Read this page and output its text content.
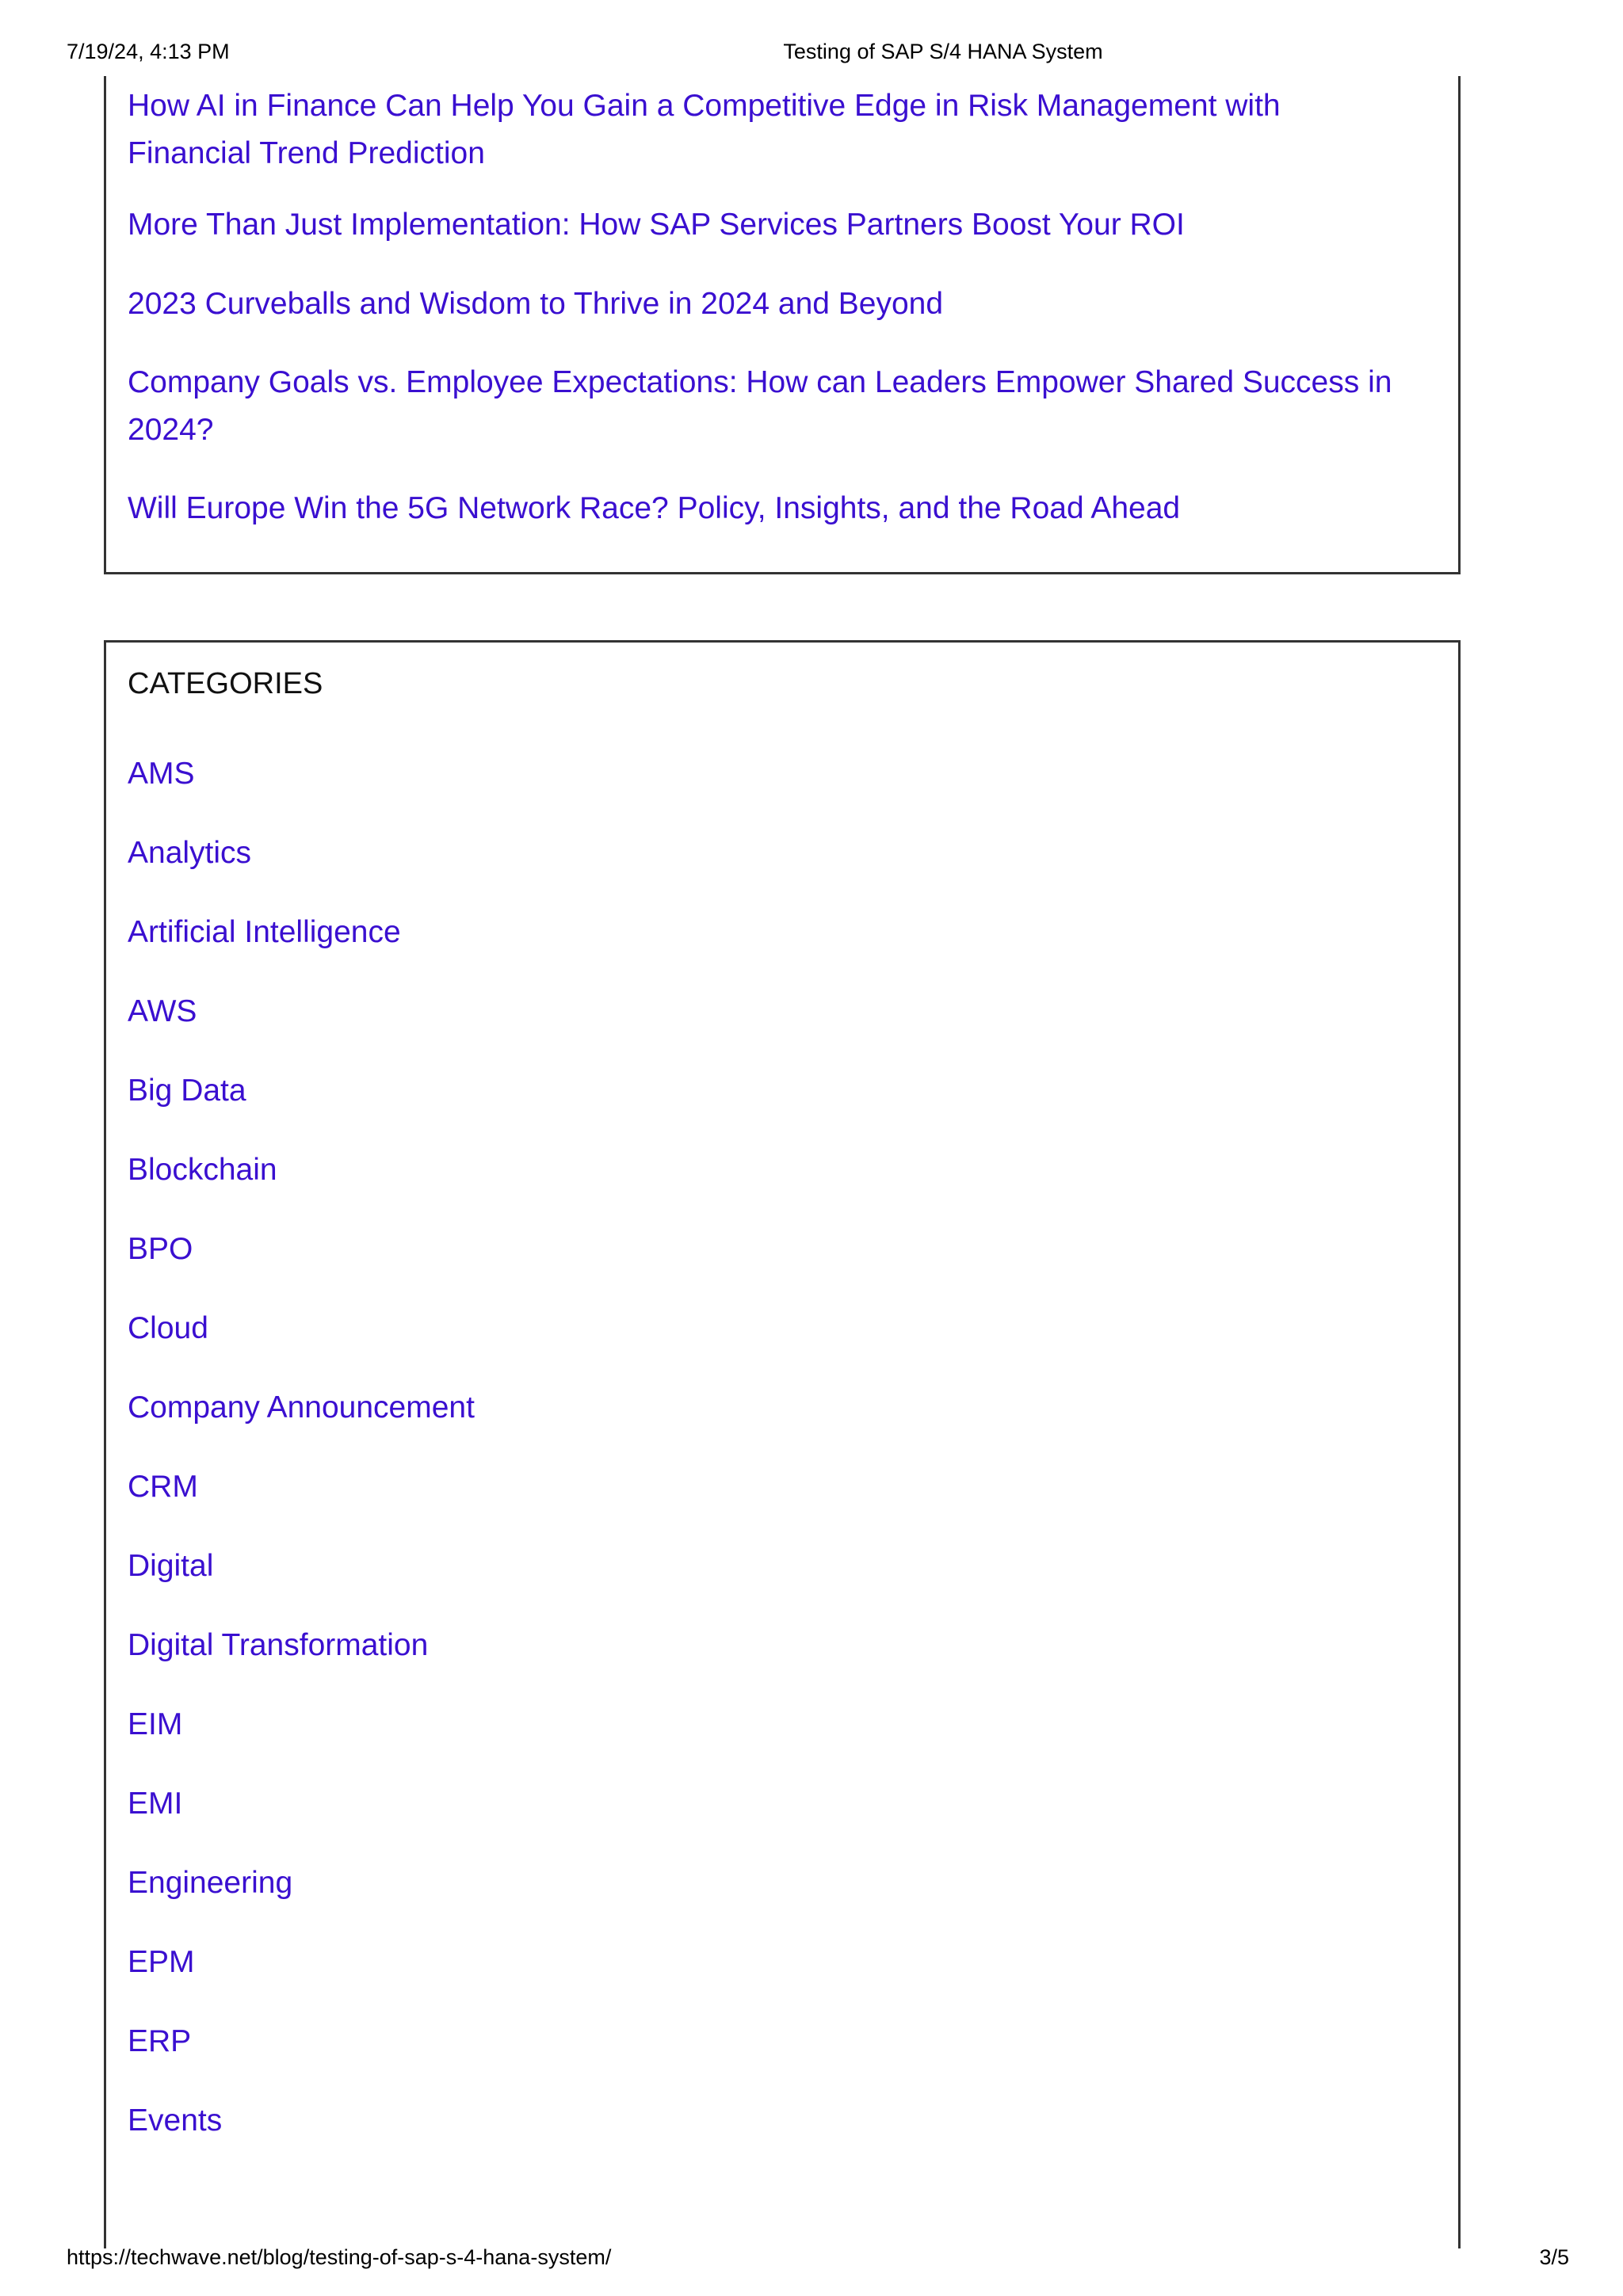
7/19/24, 4:13 PM	Testing of SAP S/4 HANA System
How AI in Finance Can Help You Gain a Competitive Edge in Risk Management with Financial Trend Prediction
More Than Just Implementation: How SAP Services Partners Boost Your ROI
2023 Curveballs and Wisdom to Thrive in 2024 and Beyond
Company Goals vs. Employee Expectations: How can Leaders Empower Shared Success in 2024?
Will Europe Win the 5G Network Race? Policy, Insights, and the Road Ahead
CATEGORIES
AMS
Analytics
Artificial Intelligence
AWS
Big Data
Blockchain
BPO
Cloud
Company Announcement
CRM
Digital
Digital Transformation
EIM
EMI
Engineering
EPM
ERP
Events
https://techwave.net/blog/testing-of-sap-s-4-hana-system/	3/5
